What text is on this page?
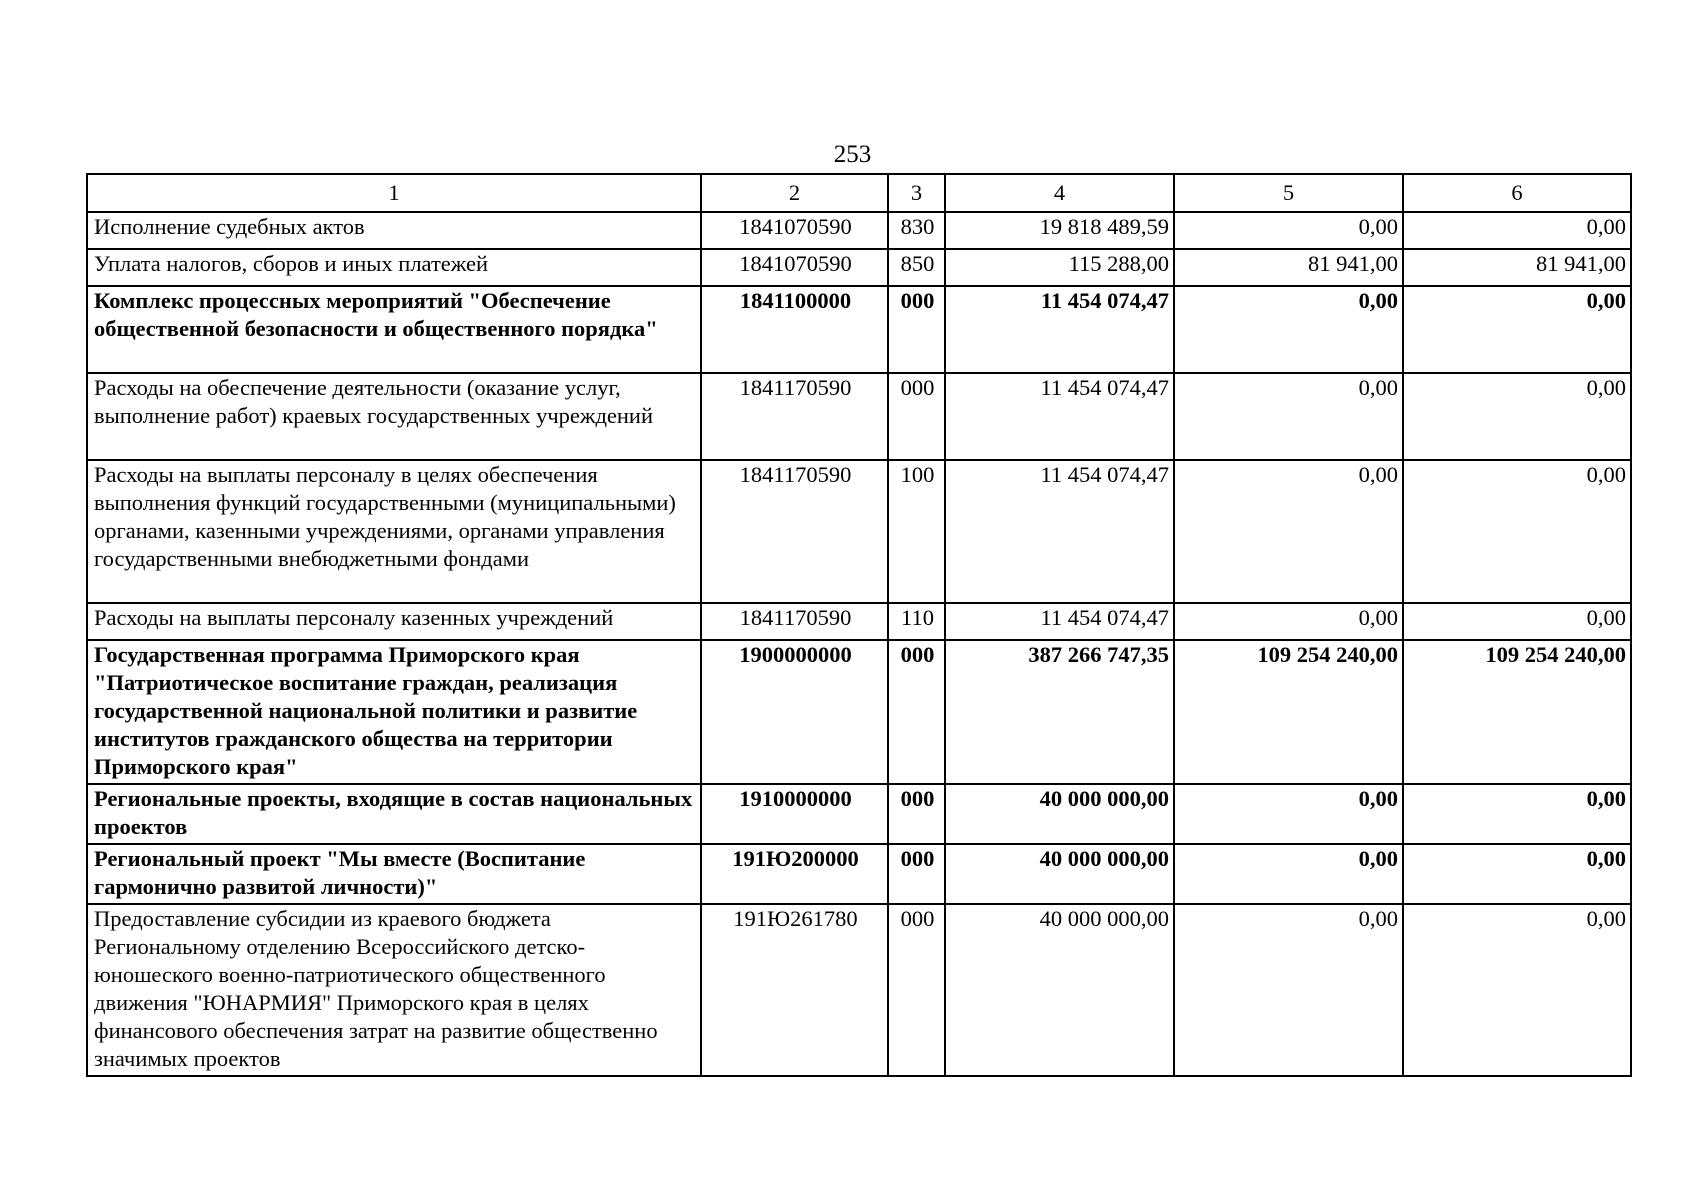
253
1	2	3	4	5	6
Исполнение судебных актов	1841070590	830	19 818 489,59	0,00	0,00
Уплата налогов, сборов и иных платежей	1841070590	850	115 288,00	81 941,00	81 941,00
Комплекс процессных мероприятий "Обеспечение общественной безопасности и общественного порядка"	1841100000	000	11 454 074,47	0,00	0,00
Расходы на обеспечение деятельности (оказание услуг, выполнение работ) краевых государственных учреждений	1841170590	000	11 454 074,47	0,00	0,00
Расходы на выплаты персоналу в целях обеспечения выполнения функций государственными (муниципальными) органами, казенными учреждениями, органами управления государственными внебюджетными фондами	1841170590	100	11 454 074,47	0,00	0,00
Расходы на выплаты персоналу казенных учреждений	1841170590	110	11 454 074,47	0,00	0,00
Государственная программа Приморского края "Патриотическое воспитание граждан, реализация государственной национальной политики и развитие институтов гражданского общества на территории Приморского края"	1900000000	000	387 266 747,35	109 254 240,00	109 254 240,00
Региональные проекты, входящие в состав национальных проектов	1910000000	000	40 000 000,00	0,00	0,00
Региональный проект "Мы вместе (Воспитание гармонично развитой личности)"	191Ю200000	000	40 000 000,00	0,00	0,00
Предоставление субсидии из краевого бюджета Региональному отделению Всероссийского детско-юношеского военно-патриотического общественного движения "ЮНАРМИЯ" Приморского края в целях финансового обеспечения затрат на развитие общественно значимых проектов	191Ю261780	000	40 000 000,00	0,00	0,00
